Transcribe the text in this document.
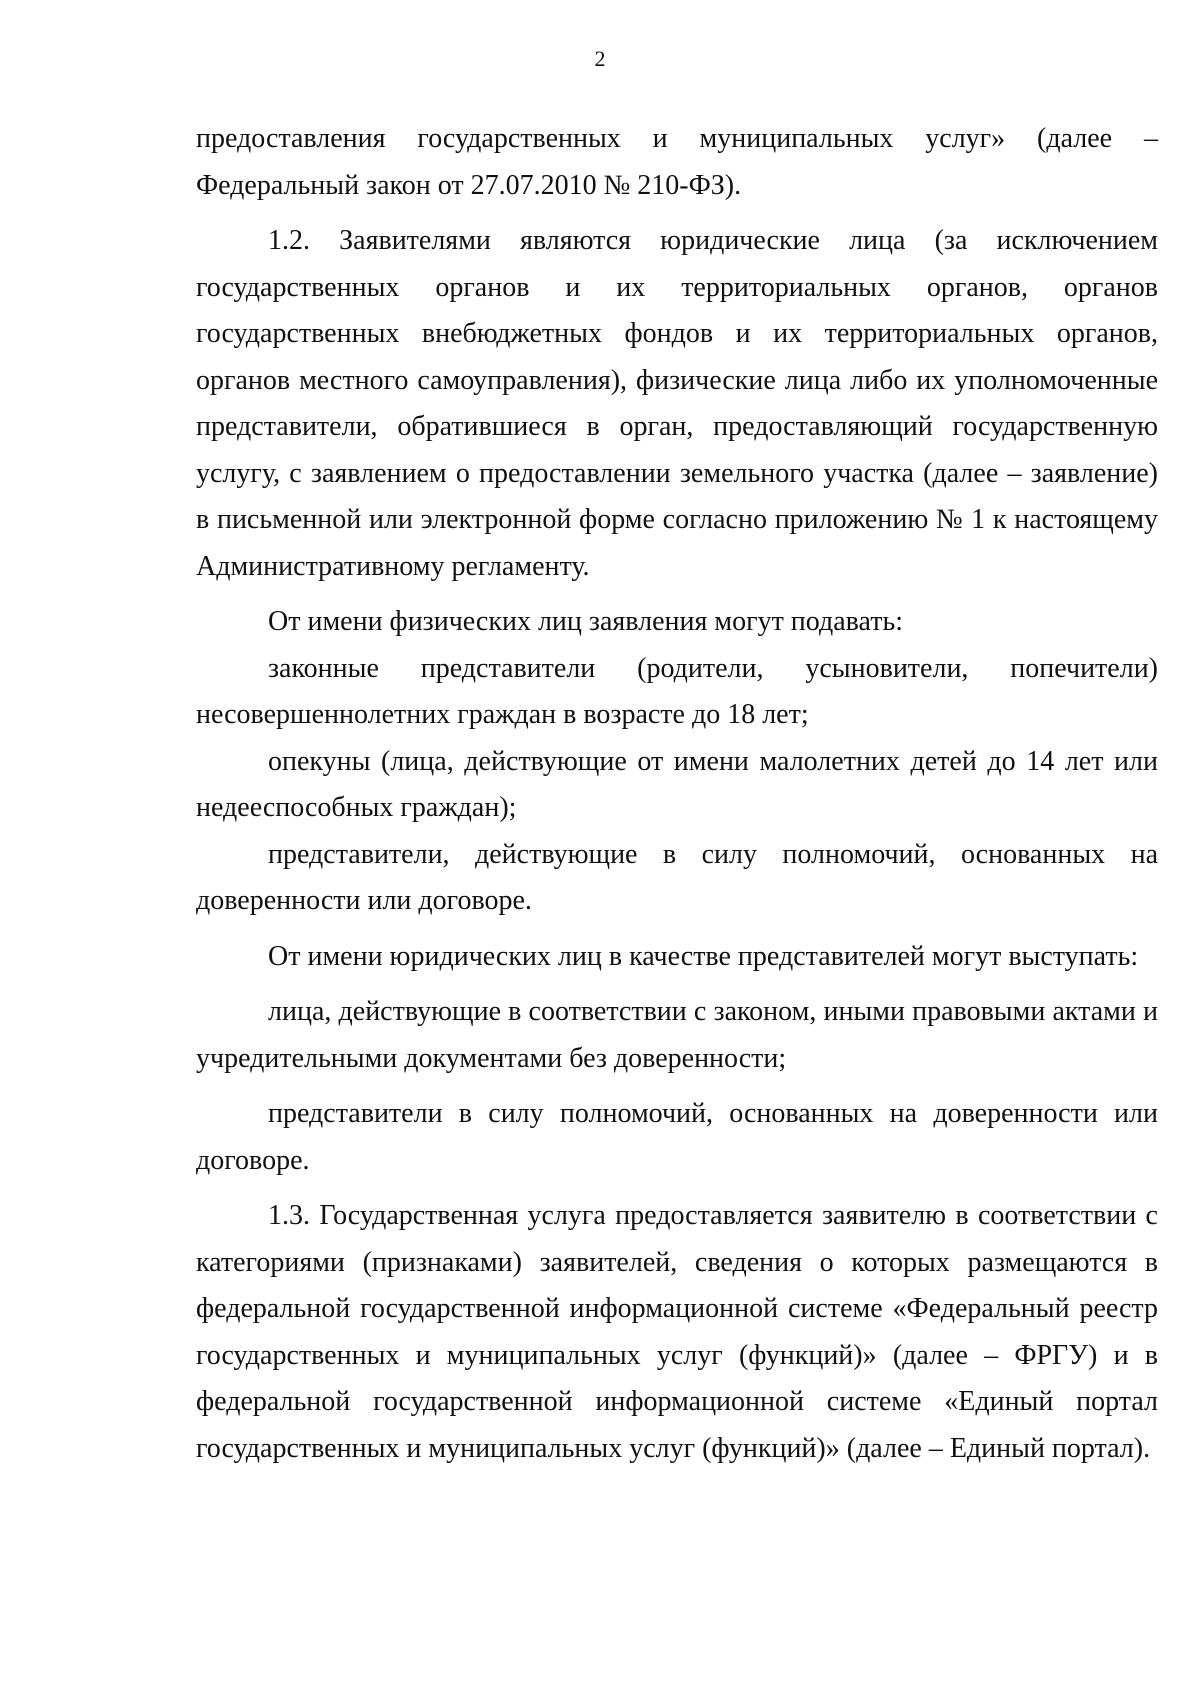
2

предоставления государственных и муниципальных услуг» (далее – Федеральный закон от 27.07.2010 № 210-ФЗ).

1.2. Заявителями являются юридические лица (за исключением государственных органов и их территориальных органов, органов государственных внебюджетных фондов и их территориальных органов, органов местного самоуправления), физические лица либо их уполномоченные представители, обратившиеся в орган, предоставляющий государственную услугу, с заявлением о предоставлении земельного участка (далее – заявление) в письменной или электронной форме согласно приложению № 1 к настоящему Административному регламенту.

От имени физических лиц заявления могут подавать:

законные представители (родители, усыновители, попечители) несовершеннолетних граждан в возрасте до 18 лет;

опекуны (лица, действующие от имени малолетних детей до 14 лет или недееспособных граждан);

представители, действующие в силу полномочий, основанных на доверенности или договоре.

От имени юридических лиц в качестве представителей могут выступать:

лица, действующие в соответствии с законом, иными правовыми актами и учредительными документами без доверенности;

представители в силу полномочий, основанных на доверенности или договоре.

1.3. Государственная услуга предоставляется заявителю в соответствии с категориями (признаками) заявителей, сведения о которых размещаются в федеральной государственной информационной системе «Федеральный реестр государственных и муниципальных услуг (функций)» (далее – ФРГУ) и в федеральной государственной информационной системе «Единый портал государственных и муниципальных услуг (функций)» (далее – Единый портал).
